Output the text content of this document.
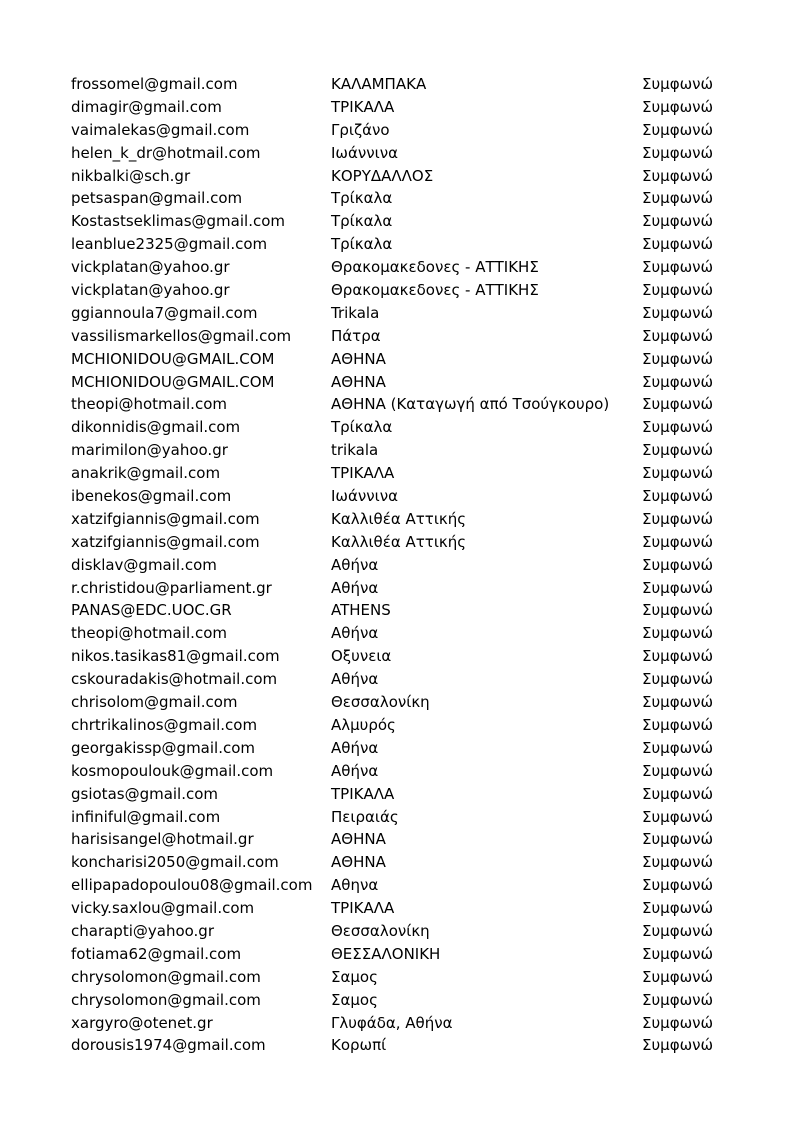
frossomel@gmail.com	ΚΑΛΑΜΠΑΚΑ	Συμφωνώ
dimagir@gmail.com	ΤΡΙΚΑΛΑ	Συμφωνώ
vaimalekas@gmail.com	Γριζάνο	Συμφωνώ
helen_k_dr@hotmail.com	Ιωάννινα	Συμφωνώ
nikbalki@sch.gr	ΚΟΡΥΔΑΛΛΟΣ	Συμφωνώ
petsaspan@gmail.com	Τρίκαλα	Συμφωνώ
Kostastseklimas@gmail.com	Τρίκαλα	Συμφωνώ
leanblue2325@gmail.com	Τρίκαλα	Συμφωνώ
vickplatan@yahoo.gr	Θρακομακεδονες - ΑΤΤΙΚΗΣ	Συμφωνώ
vickplatan@yahoo.gr	Θρακομακεδονες - ΑΤΤΙΚΗΣ	Συμφωνώ
ggiannoula7@gmail.com	Trikala	Συμφωνώ
vassilismarkellos@gmail.com	Πάτρα	Συμφωνώ
MCHIONIDOU@GMAIL.COM	ΑΘΗΝΑ	Συμφωνώ
MCHIONIDOU@GMAIL.COM	ΑΘΗΝΑ	Συμφωνώ
theopi@hotmail.com	ΑΘΗΝΑ (Καταγωγή από Τσούγκουρο) Συμφωνώ
dikonnidis@gmail.com	Τρίκαλα	Συμφωνώ
marimilon@yahoo.gr	trikala	Συμφωνώ
anakrik@gmail.com	ΤΡΙΚΑΛΑ	Συμφωνώ
ibenekos@gmail.com	Ιωάννινα	Συμφωνώ
xatzifgiannis@gmail.com	Καλλιθέα Αττικής	Συμφωνώ
xatzifgiannis@gmail.com	Καλλιθέα Αττικής	Συμφωνώ
disklav@gmail.com	Αθήνα	Συμφωνώ
r.christidou@parliament.gr	Αθήνα	Συμφωνώ
PANAS@EDC.UOC.GR	ATHENS	Συμφωνώ
theopi@hotmail.com	Αθήνα	Συμφωνώ
nikos.tasikas81@gmail.com	Οξυνεια	Συμφωνώ
cskouradakis@hotmail.com	Αθήνα	Συμφωνώ
chrisolom@gmail.com	Θεσσαλονίκη	Συμφωνώ
chrtrikalinos@gmail.com	Αλμυρός	Συμφωνώ
georgakissp@gmail.com	Αθήνα	Συμφωνώ
kosmopoulouk@gmail.com	Αθήνα	Συμφωνώ
gsiotas@gmail.com	ΤΡΙΚΑΛΑ	Συμφωνώ
infiniful@gmail.com	Πειραιάς	Συμφωνώ
harisisangel@hotmail.gr	ΑΘΗΝΑ	Συμφωνώ
koncharisi2050@gmail.com	ΑΘΗΝΑ	Συμφωνώ
ellipapadopoulou08@gmail.com Αθηνα	Συμφωνώ
vicky.saxlou@gmail.com	ΤΡΙΚΑΛΑ	Συμφωνώ
charapti@yahoo.gr	Θεσσαλονίκη	Συμφωνώ
fotiama62@gmail.com	ΘΕΣΣΑΛΟΝΙΚΗ	Συμφωνώ
chrysolomon@gmail.com	Σαμος	Συμφωνώ
chrysolomon@gmail.com	Σαμος	Συμφωνώ
xargyro@otenet.gr	Γλυφάδα, Αθήνα	Συμφωνώ
dorousis1974@gmail.com	Κορωπί	Συμφωνώ
